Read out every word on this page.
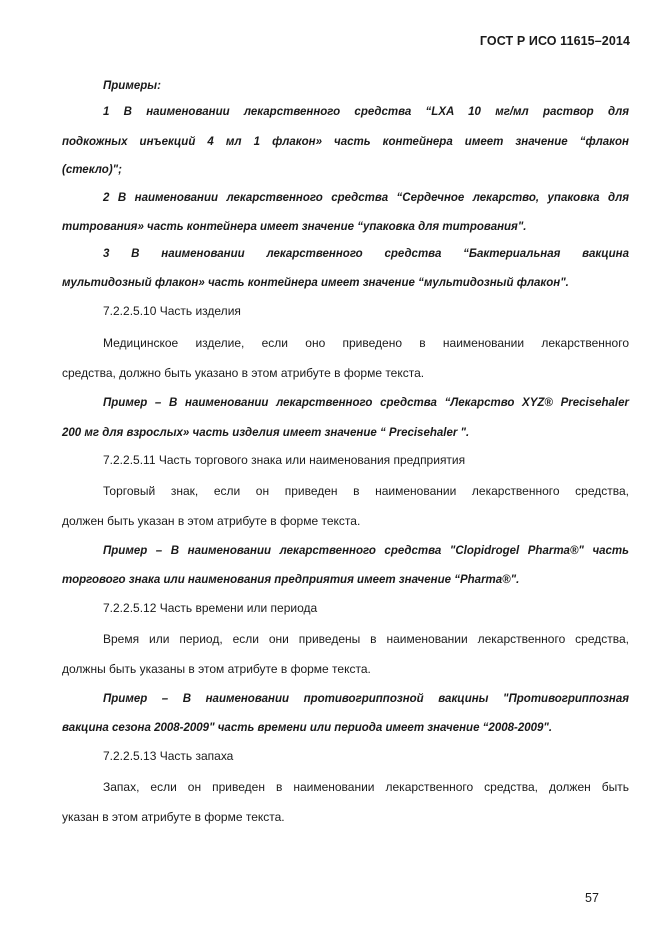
ГОСТ Р ИСО 11615–2014
Примеры:
1 В наименовании лекарственного средства “LXA 10 мг/мл раствор для
подкожных инъекций 4 мл 1 флакон» часть контейнера имеет значение “флакон
(стекло)";
2 В наименовании лекарственного средства “Сердечное лекарство, упаковка для
титрования» часть контейнера имеет значение “упаковка для титрования".
3 В наименовании лекарственного средства “Бактериальная вакцина
мультидозный флакон» часть контейнера имеет значение “мультидозный флакон".
7.2.2.5.10 Часть изделия
Медицинское изделие, если оно приведено в наименовании лекарственного
средства, должно быть указано в этом атрибуте в форме текста.
Пример – В наименовании лекарственного средства “Лекарство XYZ® Precisehaler
200 мг для взрослых» часть изделия имеет значение “ Precisehaler ".
7.2.2.5.11 Часть торгового знака или наименования предприятия
Торговый знак, если он приведен в наименовании лекарственного средства,
должен быть указан в этом атрибуте в форме текста.
Пример – В наименовании лекарственного средства "Clopidrogel Pharma®" часть
торгового знака или наименования предприятия имеет значение “Pharma®".
7.2.2.5.12 Часть времени или периода
Время или период, если они приведены в наименовании лекарственного средства,
должны быть указаны в этом атрибуте в форме текста.
Пример – В наименовании противогриппозной вакцины "Противогриппозная
вакцина сезона 2008-2009" часть времени или периода имеет значение “2008-2009".
7.2.2.5.13 Часть запаха
Запах, если он приведен в наименовании лекарственного средства, должен быть
указан в этом атрибуте в форме текста.
57
